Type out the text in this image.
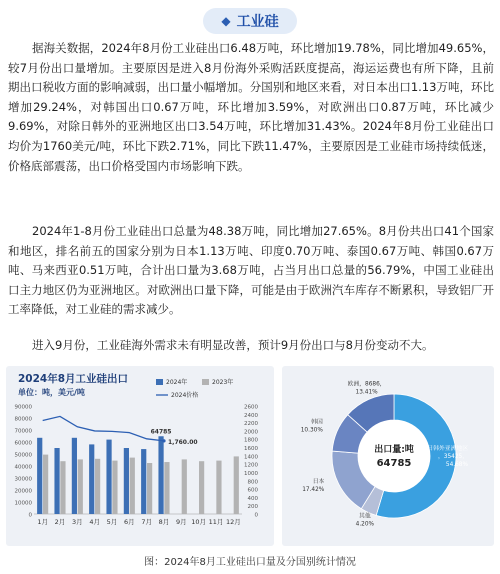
◆ 工业硅

据海关数据，2024年8月份工业硅出口6.48万吨，环比增加19.78%，同比增加49.65%，较7月份出口量增加。主要原因是进入8月份海外采购活跃度提高，海运运费也有所下降，且前期出口税收方面的影响减弱，出口量小幅增加。分国别和地区来看，对日本出口1.13万吨，环比增加29.24%，对韩国出口0.67万吨，环比增加3.59%，对欧洲出口0.87万吨，环比减少9.69%，对除日韩外的亚洲地区出口3.54万吨，环比增加31.43%。2024年8月份工业硅出口均价为1760美元/吨，环比下跌2.71%，同比下跌11.47%，主要原因是工业硅市场持续低迷，价格底部震荡，出口价格受国内市场影响下跌。

2024年1-8月份工业硅出口总量为48.38万吨，同比增加27.65%。8月份共出口41个国家和地区，排名前五的国家分别为日本1.13万吨、印度0.70万吨、泰国0.67万吨、韩国0.67万吨、马来西亚0.51万吨，合计出口量为3.68万吨，占当月出口总量的56.79%，中国工业硅出口主力地区仍为亚洲地区。对欧洲出口量下降，可能是由于欧洲汽车库存不断累积，导致铝厂开工率降低，对工业硅的需求减少。

进入9月份，工业硅海外需求未有明显改善，预计9月份出口与8月份变动不大。

2024年8月工业硅出口
单位：吨，美元/吨
2024年	2023年
2024价格
0
10000
20000
30000
40000
50000
60000
70000
80000
90000
0
200
400
600
800
1000
1200
1400
1600
1800
2000
2200
2400
2600
1月 2月 3月 4月 5月 6月 7月 8月 9月 10月 11月 12月
64785
1,760.00
出口量:吨
64785
除日韩外亚洲地区
，35425，
54.68%
其他
4.20%
日本
17.42%
韩国
10.30%
欧洲，8686，
13.41%
图：2024年8月工业硅出口量及分国别统计情况
